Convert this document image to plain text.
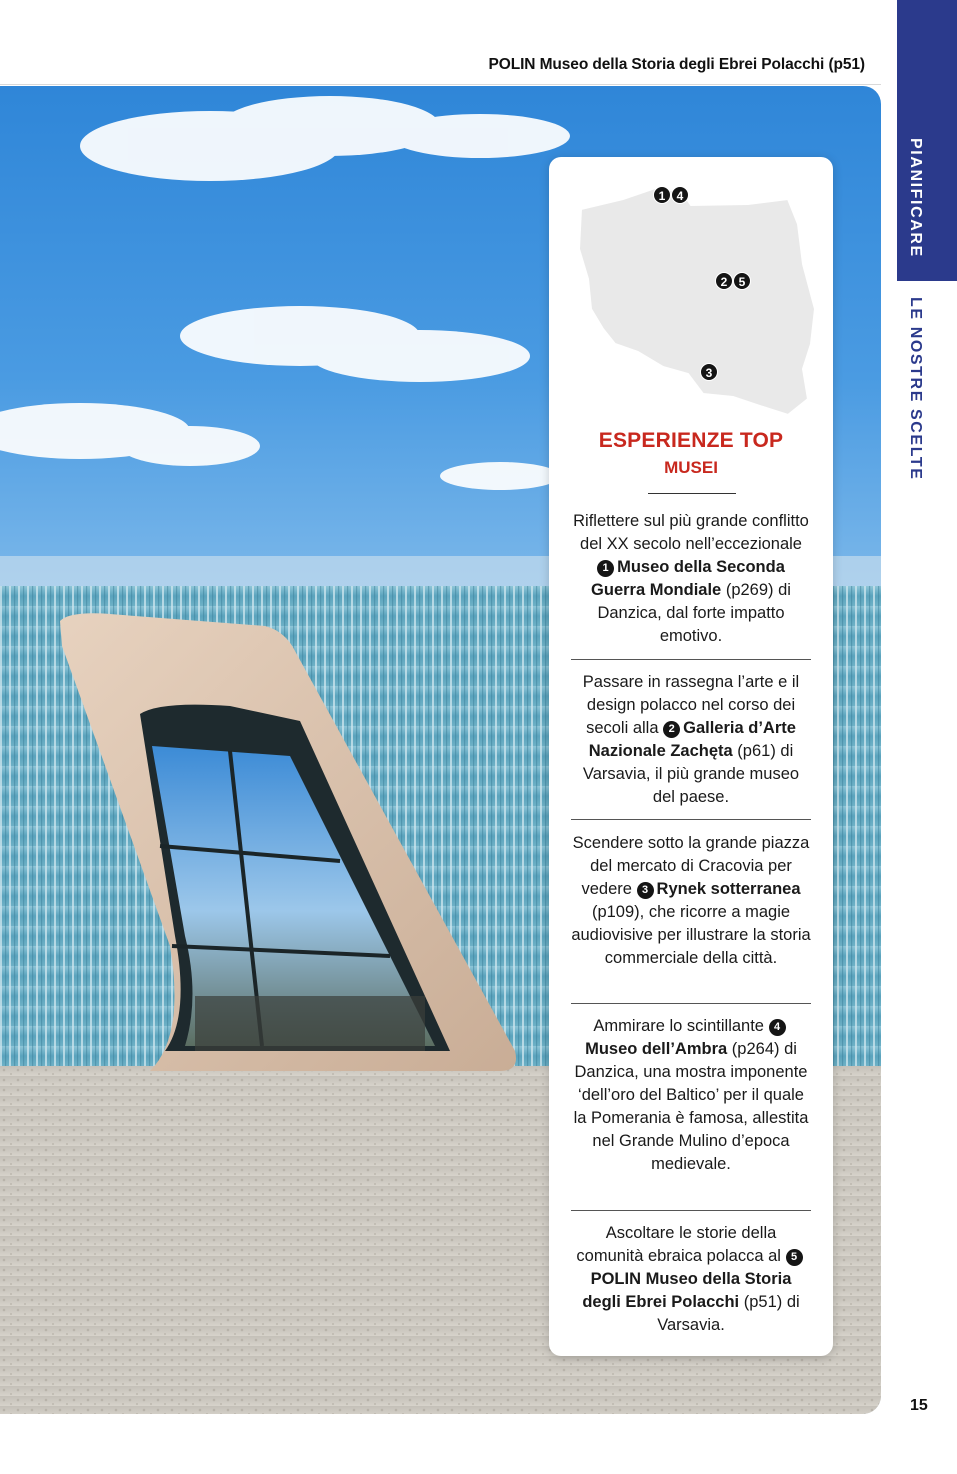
POLIN Museo della Storia degli Ebrei Polacchi (p51)
PIANIFICARE
LE NOSTRE SCELTE
1 4
2 5
3
ESPERIENZE TOP
MUSEI
Riflettere sul più grande conflitto del XX secolo nell’eccezionale 1 Museo della Seconda Guerra Mondiale (p269) di Danzica, dal forte impatto emotivo.
Passare in rassegna l’arte e il design polacco nel corso dei secoli alla 2 Galleria d’Arte Nazionale Zachęta (p61) di Varsavia, il più grande museo del paese.
Scendere sotto la grande piazza del mercato di Cracovia per vedere 3 Rynek sotterranea (p109), che ricorre a magie audiovisive per illustrare la storia commerciale della città.
Ammirare lo scintillante 4Museo dell’Ambra (p264) di Danzica, una mostra imponente ‘dell’oro del Baltico’ per il quale la Pomerania è famosa, allestita nel Grande Mulino d’epoca medievale.
Ascoltare le storie della comunità ebraica polacca al 5POLIN Museo della Storia degli Ebrei Polacchi (p51) di Varsavia.
15
